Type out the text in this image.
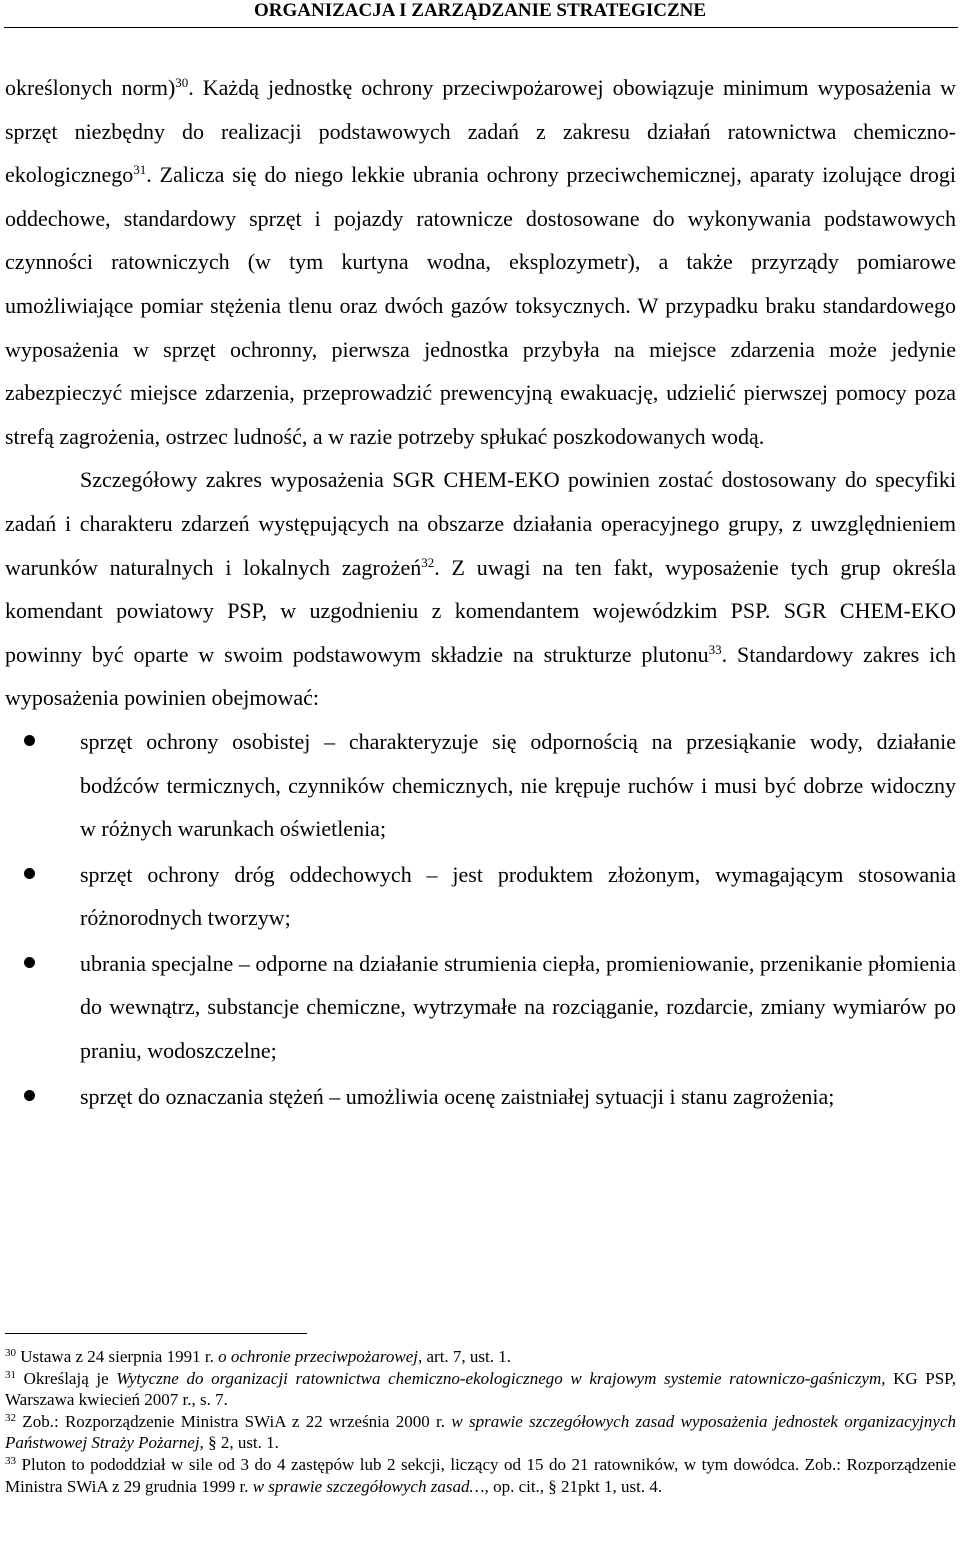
ORGANIZACJA I ZARZĄDZANIE STRATEGICZNE

określonych norm)$^{30}$. Każdą jednostkę ochrony przeciwpożarowej obowiązuje minimum wyposażenia w sprzęt niezbędny do realizacji podstawowych zadań z zakresu działań ratownictwa chemiczno-ekologicznego$^{31}$. Zalicza się do niego lekkie ubrania ochrony przeciwchemicznej, aparaty izolujące drogi oddechowe, standardowy sprzęt i pojazdy ratownicze dostosowane do wykonywania podstawowych czynności ratowniczych (w tym kurtyna wodna, eksplozymetr), a także przyrządy pomiarowe umożliwiające pomiar stężenia tlenu oraz dwóch gazów toksycznych. W przypadku braku standardowego wyposażenia w sprzęt ochronny, pierwsza jednostka przybyła na miejsce zdarzenia może jedynie zabezpieczyć miejsce zdarzenia, przeprowadzić prewencyjną ewakuację, udzielić pierwszej pomocy poza strefą zagrożenia, ostrzec ludność, a w razie potrzeby spłukać poszkodowanych wodą.

Szczegółowy zakres wyposażenia SGR CHEM-EKO powinien zostać dostosowany do specyfiki zadań i charakteru zdarzeń występujących na obszarze działania operacyjnego grupy, z uwzględnieniem warunków naturalnych i lokalnych zagrożeń$^{32}$. Z uwagi na ten fakt, wyposażenie tych grup określa komendant powiatowy PSP, w uzgodnieniu z komendantem wojewódzkim PSP. SGR CHEM-EKO powinny być oparte w swoim podstawowym składzie na strukturze plutonu$^{33}$. Standardowy zakres ich wyposażenia powinien obejmować:

sprzęt ochrony osobistej – charakteryzuje się odpornością na przesiąkanie wody, działanie bodźców termicznych, czynników chemicznych, nie krępuje ruchów i musi być dobrze widoczny w różnych warunkach oświetlenia;
sprzęt ochrony dróg oddechowych – jest produktem złożonym, wymagającym stosowania różnorodnych tworzyw;
ubrania specjalne – odporne na działanie strumienia ciepła, promieniowanie, przenikanie płomienia do wewnątrz, substancje chemiczne, wytrzymałe na rozciąganie, rozdarcie, zmiany wymiarów po praniu, wodoszczelne;
sprzęt do oznaczania stężeń – umożliwia ocenę zaistniałej sytuacji i stanu zagrożenia;

$^{30}$ Ustawa z 24 sierpnia 1991 r. o ochronie przeciwpożarowej, art. 7, ust. 1.

$^{31}$ Określają je Wytyczne do organizacji ratownictwa chemiczno-ekologicznego w krajowym systemie ratowniczo-gaśniczym, KG PSP, Warszawa kwiecień 2007 r., s. 7.

$^{32}$ Zob.: Rozporządzenie Ministra SWiA z 22 września 2000 r. w sprawie szczegółowych zasad wyposażenia jednostek organizacyjnych Państwowej Straży Pożarnej, § 2, ust. 1.

$^{33}$ Pluton to pododdział w sile od 3 do 4 zastępów lub 2 sekcji, liczący od 15 do 21 ratowników, w tym dowódca. Zob.: Rozporządzenie Ministra SWiA z 29 grudnia 1999 r. w sprawie szczegółowych zasad…, op. cit., § 21pkt 1, ust. 4.
